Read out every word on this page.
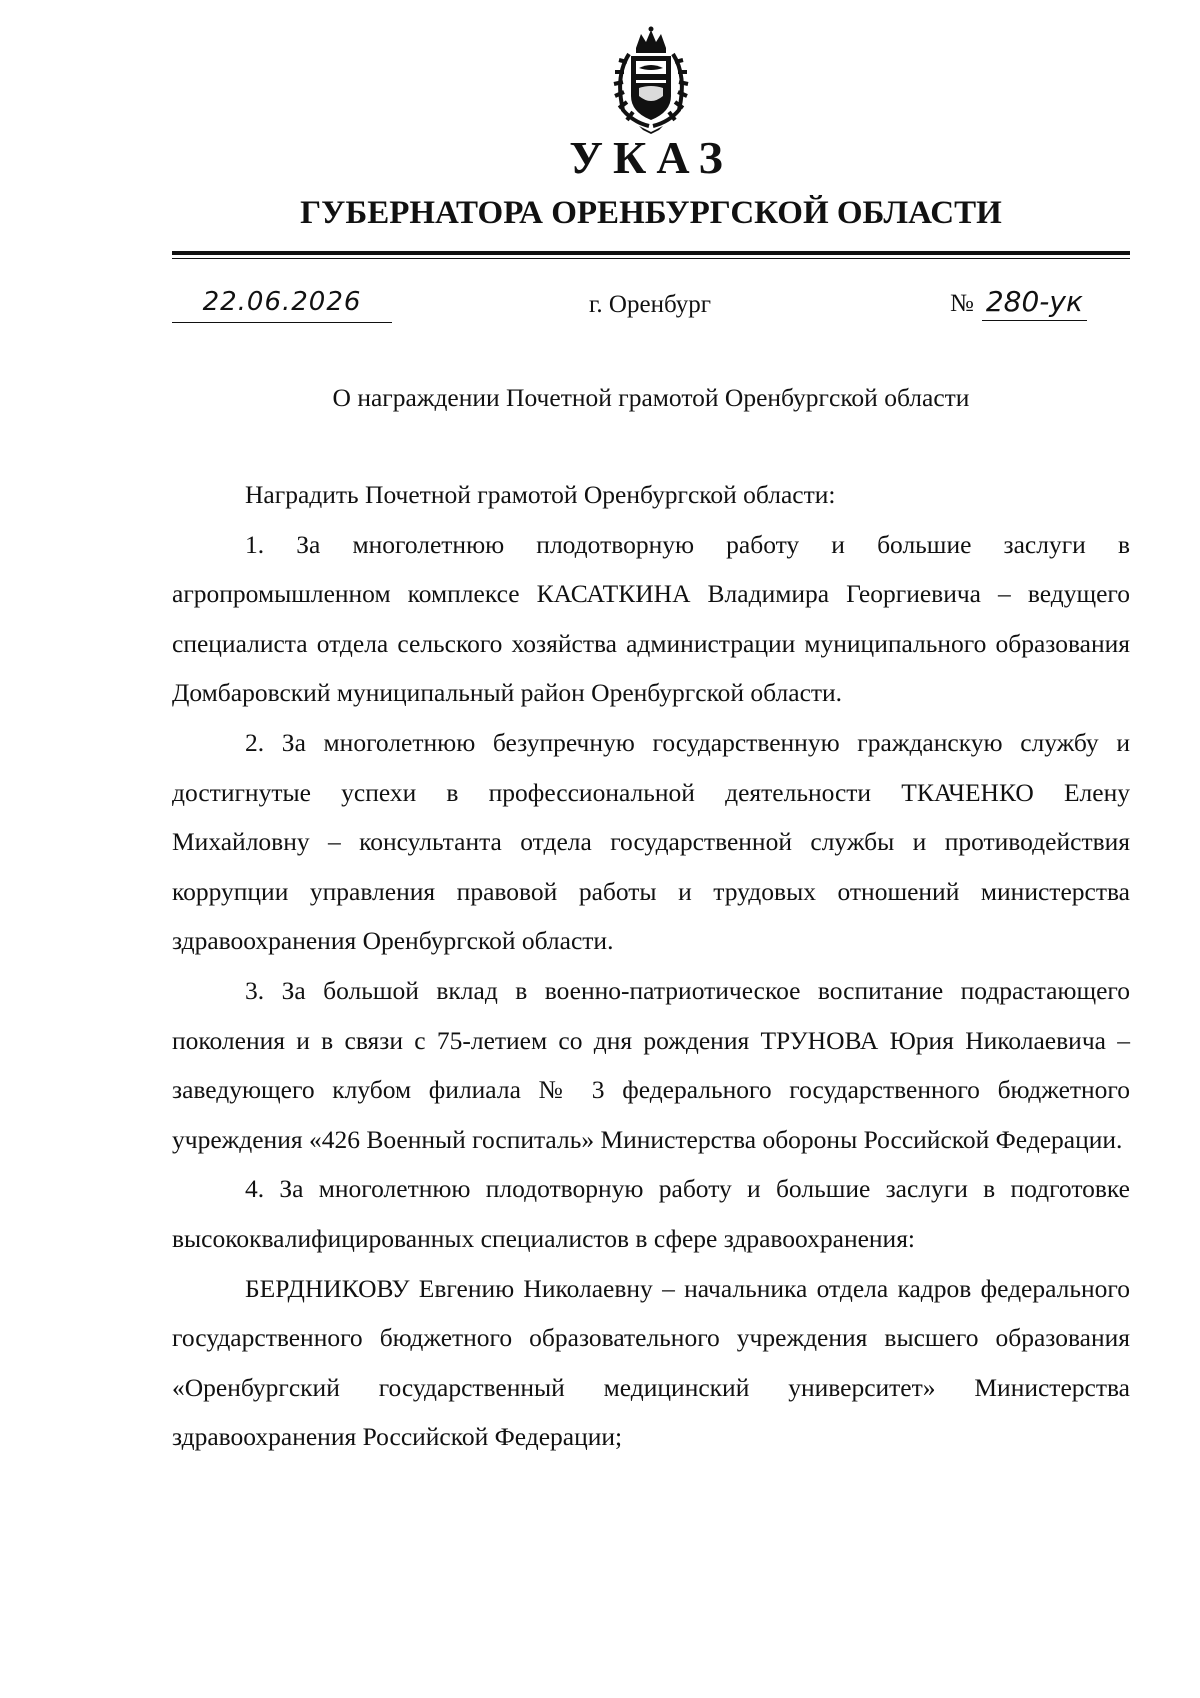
УКАЗ
ГУБЕРНАТОРА ОРЕНБУРГСКОЙ ОБЛАСТИ
22.06.2026	г. Оренбург	№ 280-ук
О награждении Почетной грамотой Оренбургской области

Наградить Почетной грамотой Оренбургской области:

1. За многолетнюю плодотворную работу и большие заслуги в агропромышленном комплексе КАСАТКИНА Владимира Георгиевича – ведущего специалиста отдела сельского хозяйства администрации муниципального образования Домбаровский муниципальный район Оренбургской области.

2. За многолетнюю безупречную государственную гражданскую службу и достигнутые успехи в профессиональной деятельности ТКАЧЕНКО Елену Михайловну – консультанта отдела государственной службы и противодействия коррупции управления правовой работы и трудовых отношений министерства здравоохранения Оренбургской области.

3. За большой вклад в военно-патриотическое воспитание подрастающего поколения и в связи с 75-летием со дня рождения ТРУНОВА Юрия Николаевича – заведующего клубом филиала № 3 федерального государственного бюджетного учреждения «426 Военный госпиталь» Министерства обороны Российской Федерации.

4. За многолетнюю плодотворную работу и большие заслуги в подготовке высококвалифицированных специалистов в сфере здравоохранения:

БЕРДНИКОВУ Евгению Николаевну – начальника отдела кадров федерального государственного бюджетного образовательного учреждения высшего образования «Оренбургский государственный медицинский университет» Министерства здравоохранения Российской Федерации;
